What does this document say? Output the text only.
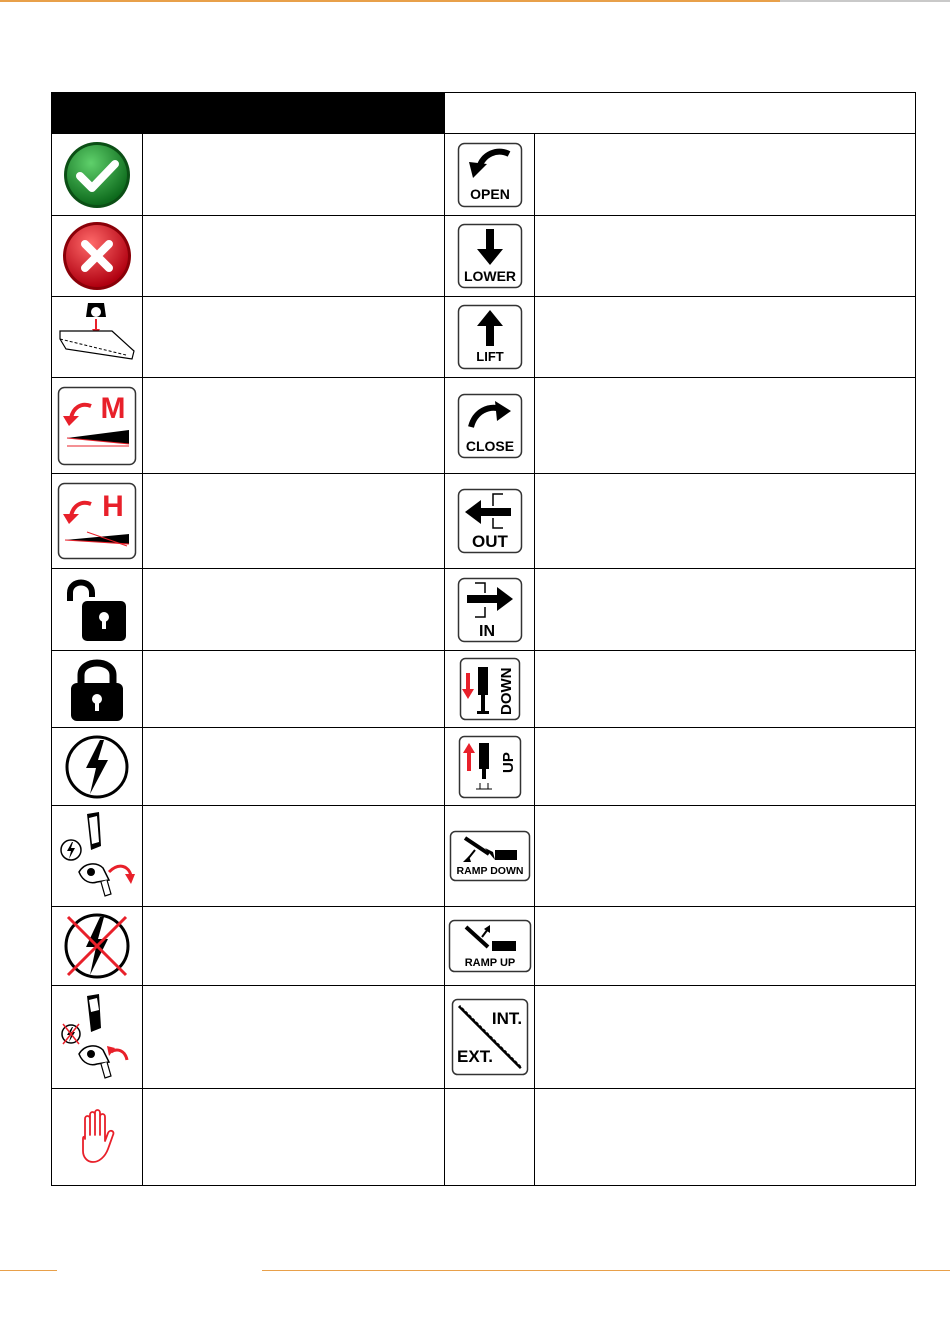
OPEN	

LOWER	

LIFT	

M		CLOSE	

H		OUT	

IN	

DOWN	

UP	

RAMP DOWN	

RAMP UP	

INT.
EXT.	
